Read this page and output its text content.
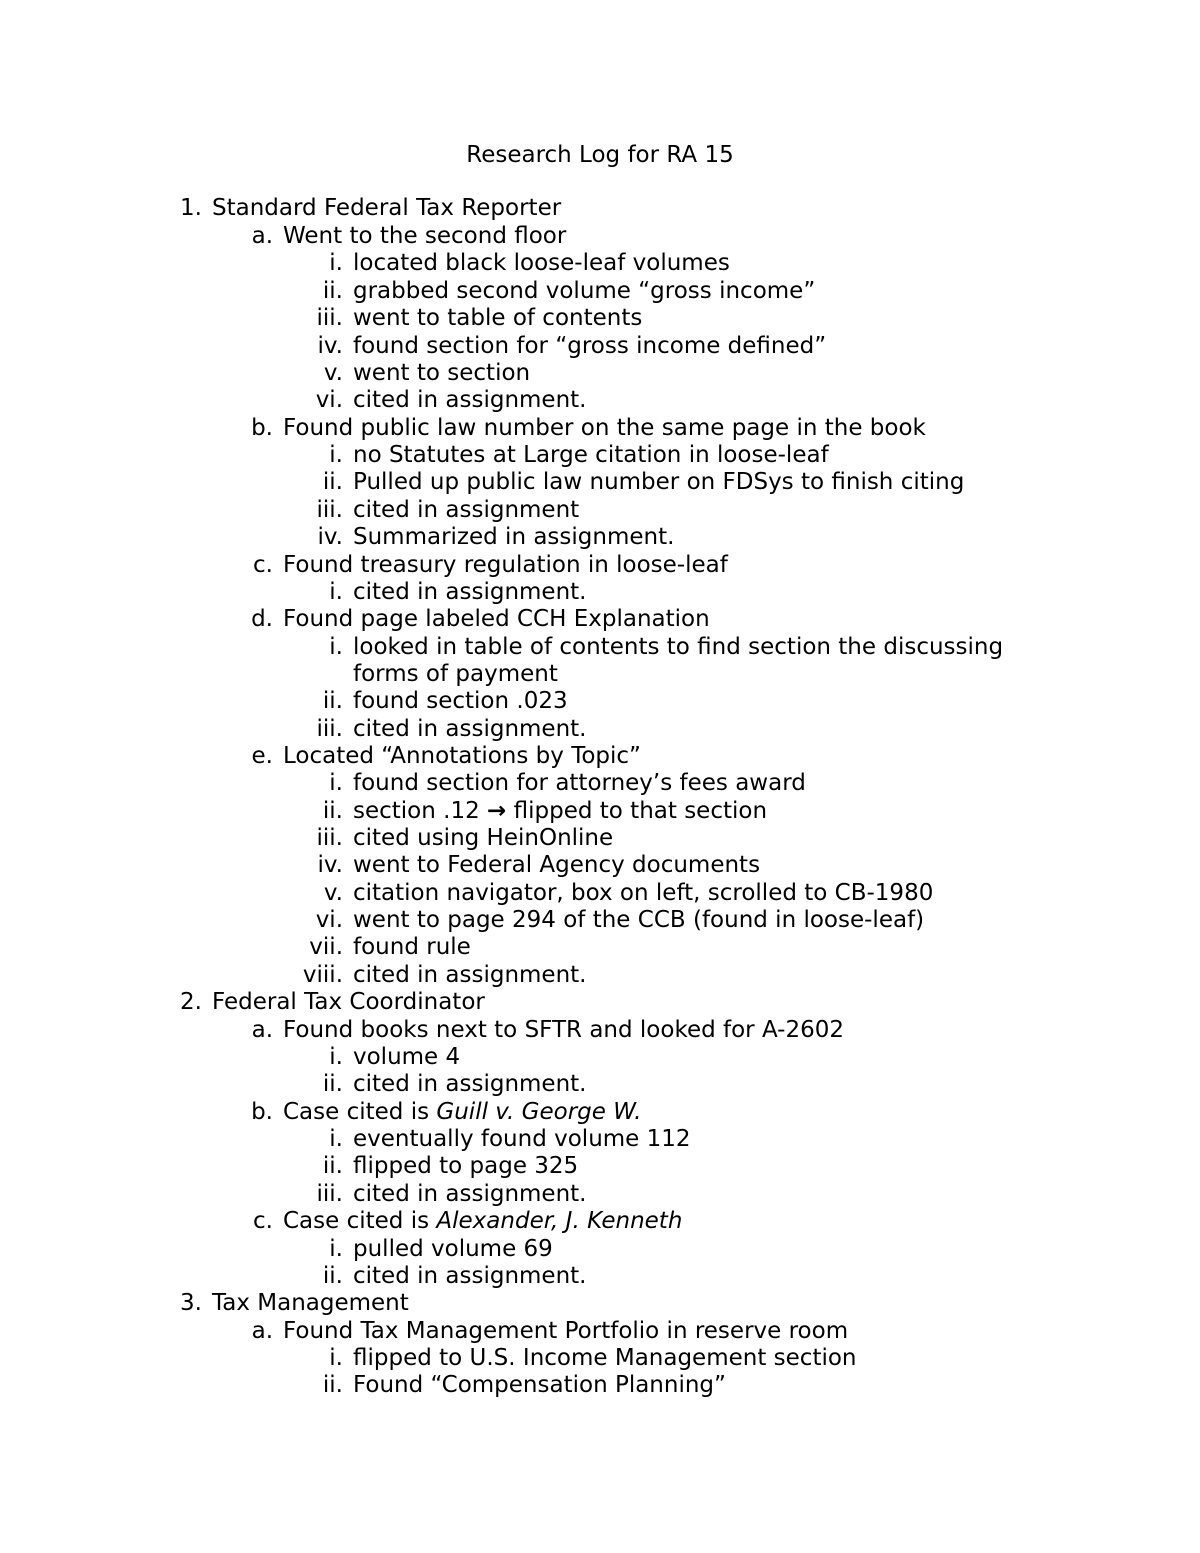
Research Log for RA 15
1. Standard Federal Tax Reporter
a. Went to the second floor
i. located black loose-leaf volumes
ii. grabbed second volume “gross income”
iii. went to table of contents
iv. found section for “gross income defined”
v. went to section
vi. cited in assignment.
b. Found public law number on the same page in the book
i. no Statutes at Large citation in loose-leaf
ii. Pulled up public law number on FDSys to finish citing
iii. cited in assignment
iv. Summarized in assignment.
c. Found treasury regulation in loose-leaf
i. cited in assignment.
d. Found page labeled CCH Explanation
i. looked in table of contents to find section the discussing forms of payment
ii. found section .023
iii. cited in assignment.
e. Located “Annotations by Topic”
i. found section for attorney’s fees award
ii. section .12 → flipped to that section
iii. cited using HeinOnline
iv. went to Federal Agency documents
v. citation navigator, box on left, scrolled to CB-1980
vi. went to page 294 of the CCB (found in loose-leaf)
vii. found rule
viii. cited in assignment.
2. Federal Tax Coordinator
a. Found books next to SFTR and looked for A-2602
i. volume 4
ii. cited in assignment.
b. Case cited is Guill v. George W.
i. eventually found volume 112
ii. flipped to page 325
iii. cited in assignment.
c. Case cited is Alexander, J. Kenneth
i. pulled volume 69
ii. cited in assignment.
3. Tax Management
a. Found Tax Management Portfolio in reserve room
i. flipped to U.S. Income Management section
ii. Found “Compensation Planning”
